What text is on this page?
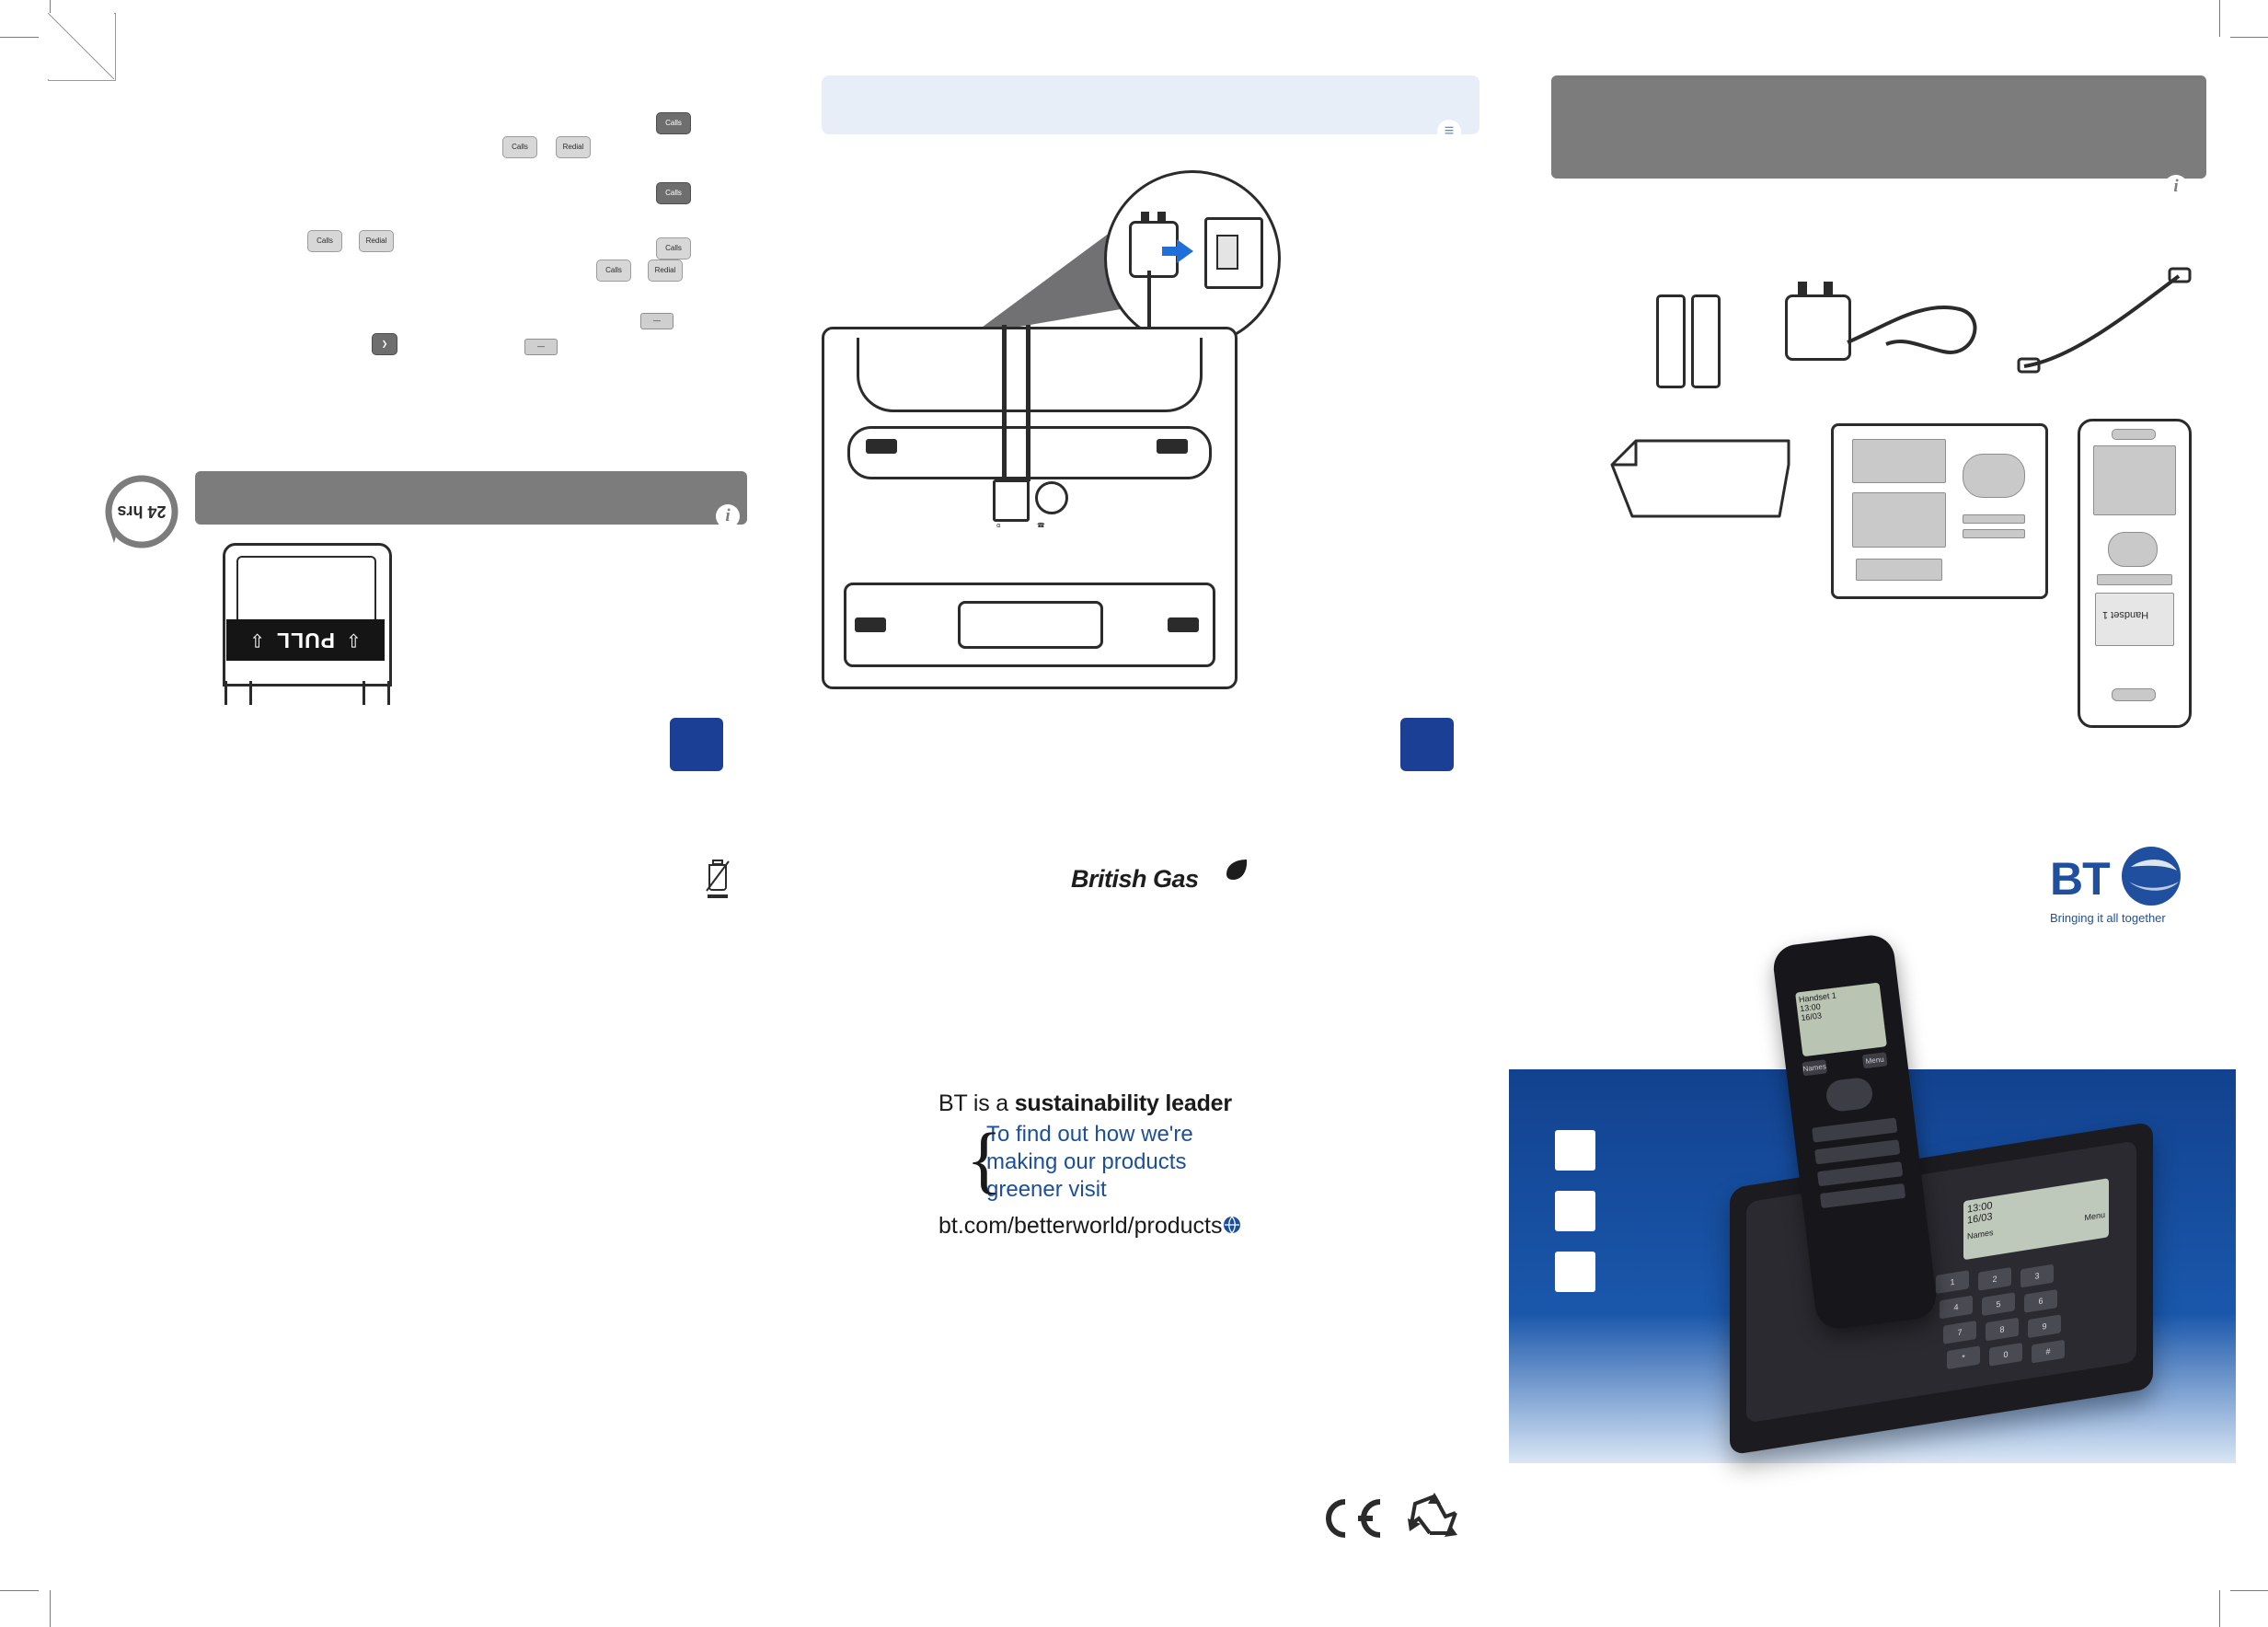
Calls
Calls	Redial
Calls
Calls	Redial
Calls
Calls	Redial
—
—
❯
i
24 hrs
⇩
PULL
⇩
≡
⍺	☎
British Gas
BT is a sustainability leader
{
To find out how we're
making our products
greener visit
bt.com/betterworld/products
i
Handset 1
BT
Bringing it all together
13:00
16/03
Names
Menu
1	2	3
4	5	6
7	8	9
*	0	#
Handset 1
13:00
16/03
Names
Menu
